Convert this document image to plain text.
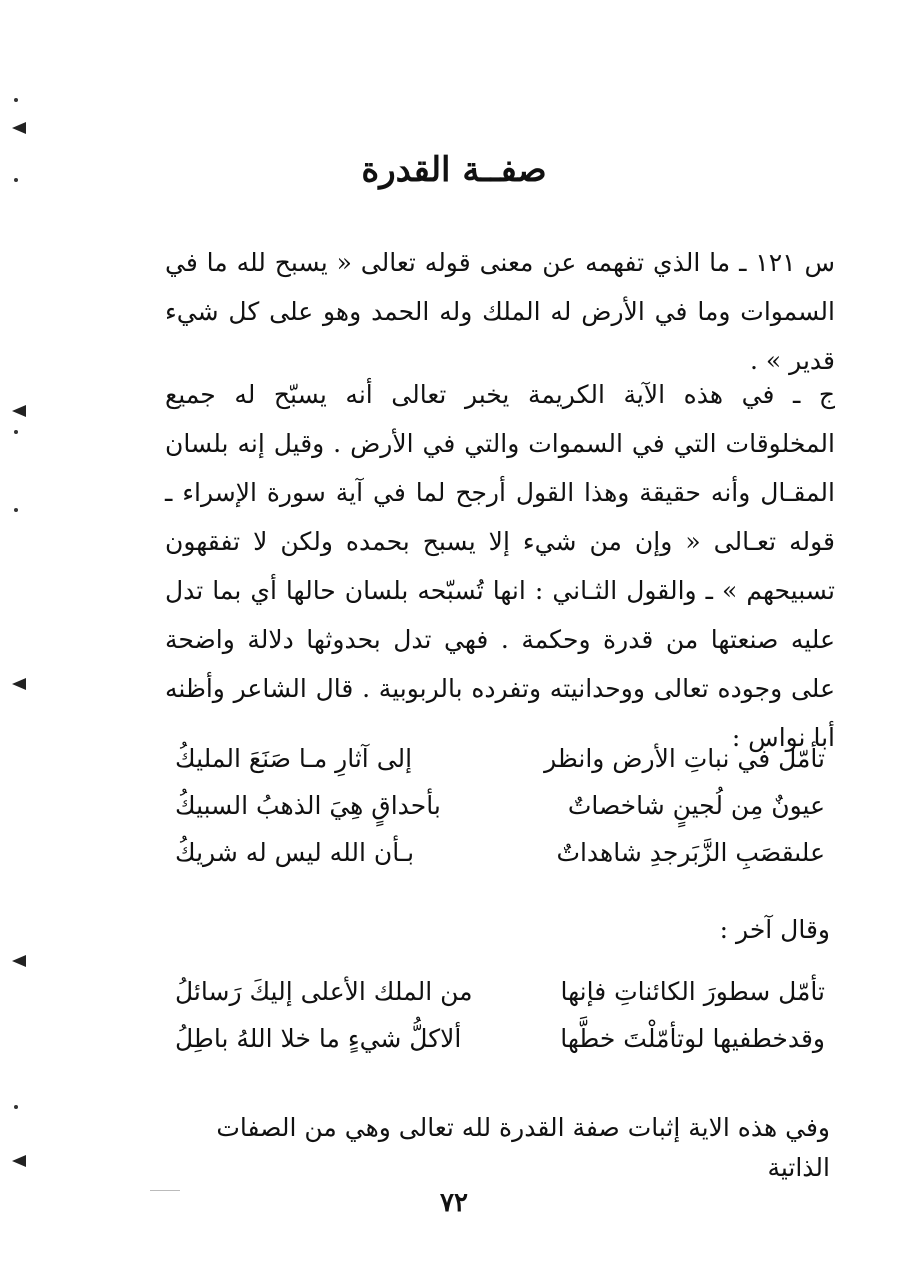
صفــة القدرة
س ١٢١ ـ ما الذي تفهمه عن معنى قوله تعالى « يسبح لله ما في السموات وما في الأرض له الملك وله الحمد وهو على كل شيء قدير » .
ج ـ في هذه الآية الكريمة يخبر تعالى أنه يسبّح له جميع المخلوقات التي في السموات والتي في الأرض . وقيل إنه بلسان المقـال وأنه حقيقة وهذا القول أرجح لما في آية سورة الإسراء ـ قوله تعـالى « وإن من شيء إلا يسبح بحمده ولكن لا تفقهون تسبيحهم » ـ والقول الثـاني : انها تُسبّحه بلسان حالها أي بما تدل عليه صنعتها من قدرة وحكمة . فهي تدل بحدوثها دلالة واضحة على وجوده تعالى ووحدانيته وتفرده بالربوبية . قال الشاعر وأظنه أبا نواس :
تأمّل في نباتِ الأرض وانظر
إلى آثارِ مـا صَنَعَ المليكُ
عيونٌ مِن لُجينٍ شاخصاتٌ
بأحداقٍ هِيَ الذهبُ السبيكُ
علىقصَبِ الزَّبَرجدِ شاهداتٌ
بـأن الله ليس له شريكُ
وقال آخر :
تأمّل سطورَ الكائناتِ فإنها
من الملك الأعلى إليكَ رَسائلُ
وقدخطفيها لوتأمّلْتَ خطَّها
ألاكلُّ شيءٍ ما خلا اللهُ باطِلُ
وفي هذه الاية إثبات صفة القدرة لله تعالى وهي من الصفات الذاتية
٧٢
